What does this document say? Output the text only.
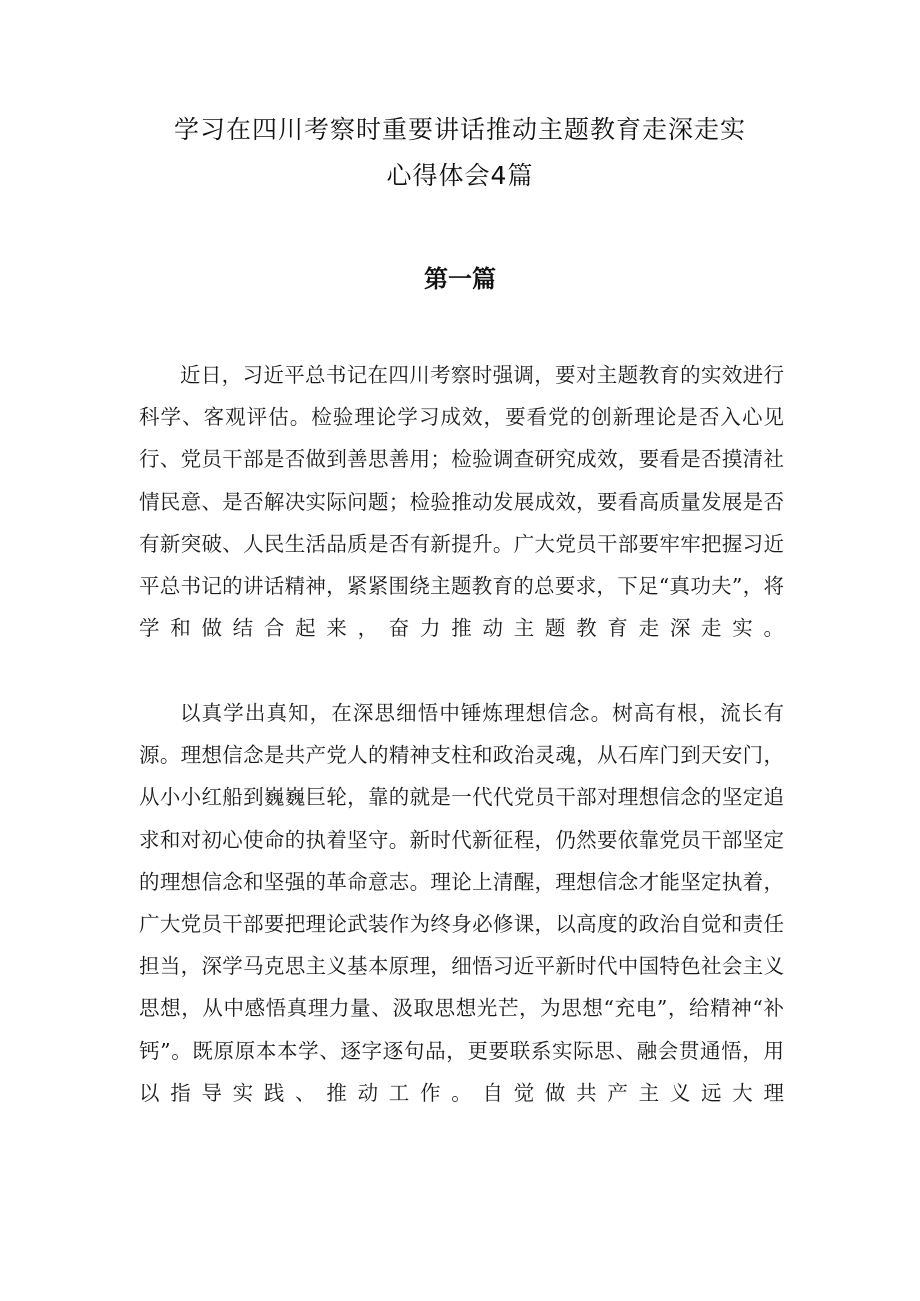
学习在四川考察时重要讲话推动主题教育走深走实
心得体会4篇
第一篇

近日，习近平总书记在四川考察时强调，要对主题教育的实效进行科学、客观评估。检验理论学习成效，要看党的创新理论是否入心见行、党员干部是否做到善思善用；检验调查研究成效，要看是否摸清社情民意、是否解决实际问题；检验推动发展成效，要看高质量发展是否有新突破、人民生活品质是否有新提升。广大党员干部要牢牢把握习近平总书记的讲话精神，紧紧围绕主题教育的总要求，下足“真功夫”，将学和做结合起来，奋力推动主题教育走深走实。

以真学出真知，在深思细悟中锤炼理想信念。树高有根，流长有源。理想信念是共产党人的精神支柱和政治灵魂，从石库门到天安门，从小小红船到巍巍巨轮，靠的就是一代代党员干部对理想信念的坚定追求和对初心使命的执着坚守。新时代新征程，仍然要依靠党员干部坚定的理想信念和坚强的革命意志。理论上清醒，理想信念才能坚定执着，广大党员干部要把理论武装作为终身必修课，以高度的政治自觉和责任担当，深学马克思主义基本原理，细悟习近平新时代中国特色社会主义思想，从中感悟真理力量、汲取思想光芒，为思想“充电”，给精神“补钙”。既原原本本学、逐字逐句品，更要联系实际思、融会贯通悟，用以指导实践、推动工作。自觉做共产主义远大理
